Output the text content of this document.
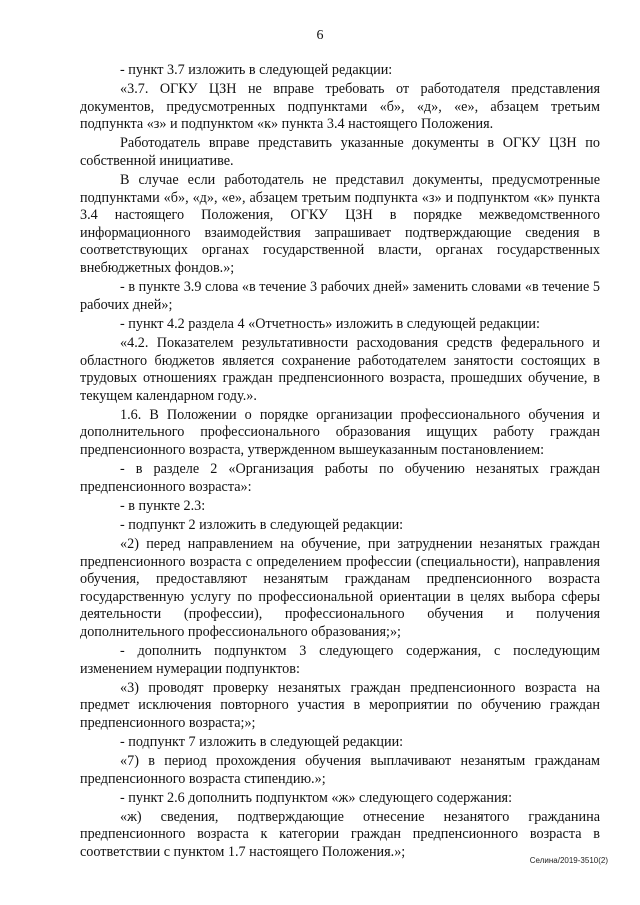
6

- пункт 3.7 изложить в следующей редакции:

«3.7. ОГКУ ЦЗН не вправе требовать от работодателя представления документов, предусмотренных подпунктами «б», «д», «е», абзацем третьим подпункта «з» и подпунктом «к» пункта 3.4 настоящего Положения.

Работодатель вправе представить указанные документы в ОГКУ ЦЗН по собственной инициативе.

В случае если работодатель не представил документы, предусмотренные подпунктами «б», «д», «е», абзацем третьим подпункта «з» и подпунктом «к» пункта 3.4 настоящего Положения, ОГКУ ЦЗН в порядке межведомственного информационного взаимодействия запрашивает подтверждающие сведения в соответствующих органах государственной власти, органах государственных внебюджетных фондов.»;

- в пункте 3.9 слова «в течение 3 рабочих дней» заменить словами «в течение 5 рабочих дней»;

- пункт 4.2 раздела 4 «Отчетность» изложить в следующей редакции:

«4.2. Показателем результативности расходования средств федерального и областного бюджетов является сохранение работодателем занятости состоящих в трудовых отношениях граждан предпенсионного возраста, прошедших обучение, в текущем календарном году.».

1.6. В Положении о порядке организации профессионального обучения и дополнительного профессионального образования ищущих работу граждан предпенсионного возраста, утвержденном вышеуказанным постановлением:

- в разделе 2 «Организация работы по обучению незанятых граждан предпенсионного возраста»:

- в пункте 2.3:

- подпункт 2 изложить в следующей редакции:

«2) перед направлением на обучение, при затруднении незанятых граждан предпенсионного возраста с определением профессии (специальности), направления обучения, предоставляют незанятым гражданам предпенсионного возраста государственную услугу по профессиональной ориентации в целях выбора сферы деятельности (профессии), профессионального обучения и получения дополнительного профессионального образования;»;

- дополнить подпунктом 3 следующего содержания, с последующим изменением нумерации подпунктов:

«3) проводят проверку незанятых граждан предпенсионного возраста на предмет исключения повторного участия в мероприятии по обучению граждан предпенсионного возраста;»;

- подпункт 7 изложить в следующей редакции:

«7) в период прохождения обучения выплачивают незанятым гражданам предпенсионного возраста стипендию.»;

- пункт 2.6 дополнить подпунктом «ж» следующего содержания:

«ж) сведения, подтверждающие отнесение незанятого гражданина предпенсионного возраста к категории граждан предпенсионного возраста в соответствии с пунктом 1.7 настоящего Положения.»;

Селина/2019-3510(2)
